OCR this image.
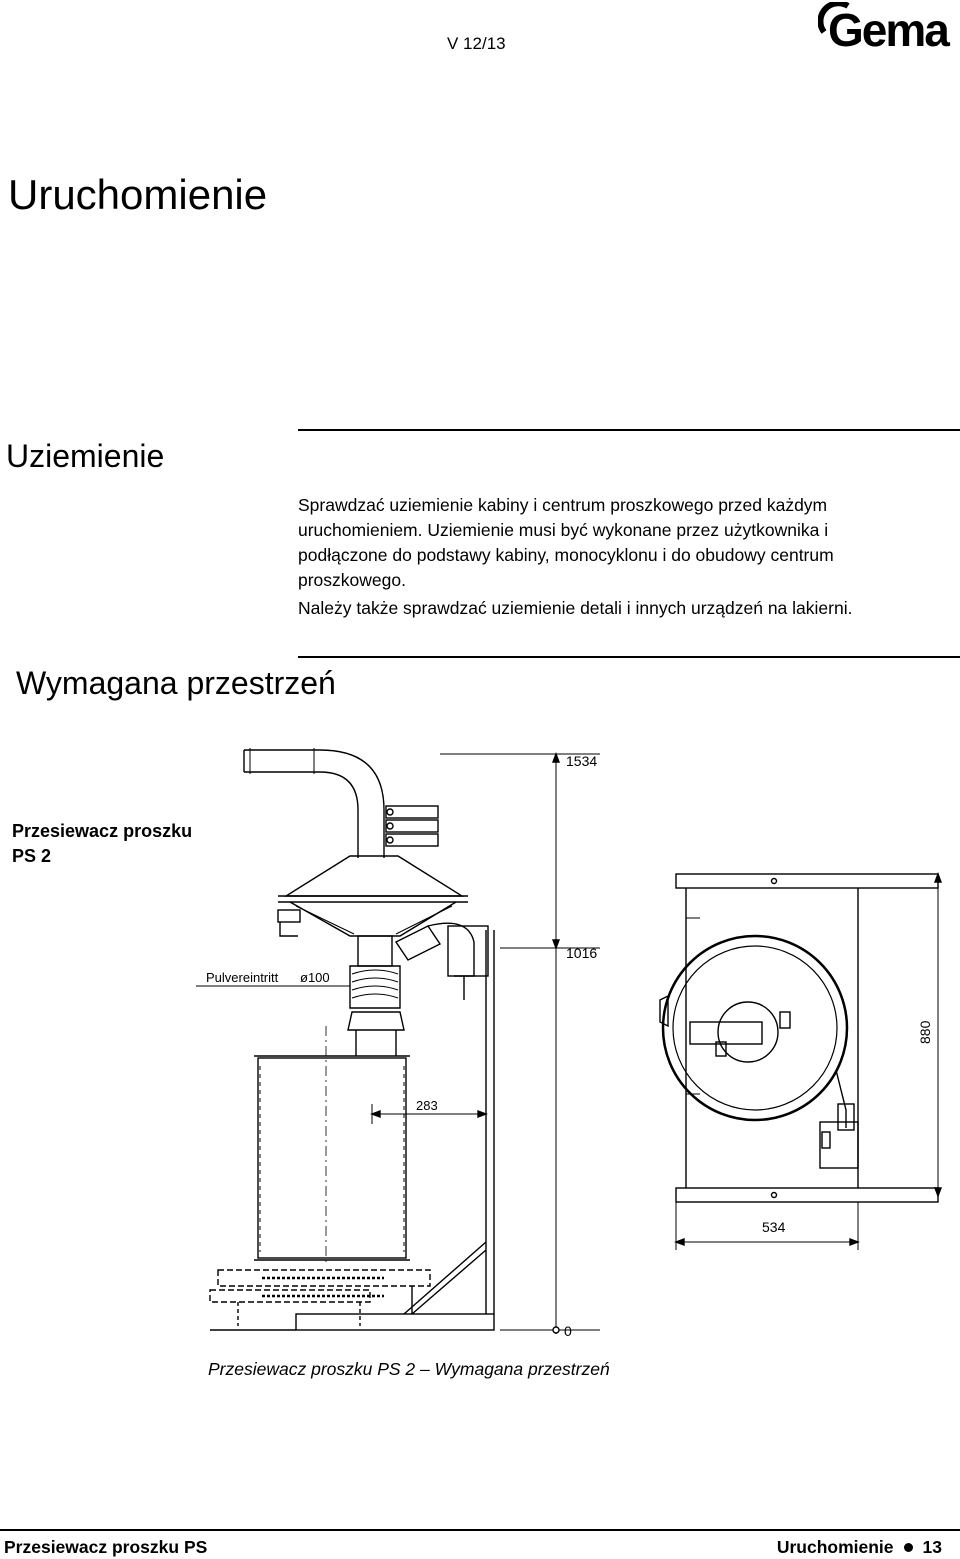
V 12/13	Gema
Uruchomienie
Uziemienie
Sprawdzać uziemienie kabiny i centrum proszkowego przed każdym
uruchomieniem. Uziemienie musi być wykonane przez użytkownika i
podłączone do podstawy kabiny, monocyklonu i do obudowy centrum
proszkowego.
Należy także sprawdzać uziemienie detali i innych urządzeń na lakierni.
Wymagana przestrzeń
Przesiewacz proszku
PS 2
Pulvereintritt ø100
283
1534
1016
0
880
534
Przesiewacz proszku PS 2 – Wymagana przestrzeń
Przesiewacz proszku PS	Uruchomienie 13
